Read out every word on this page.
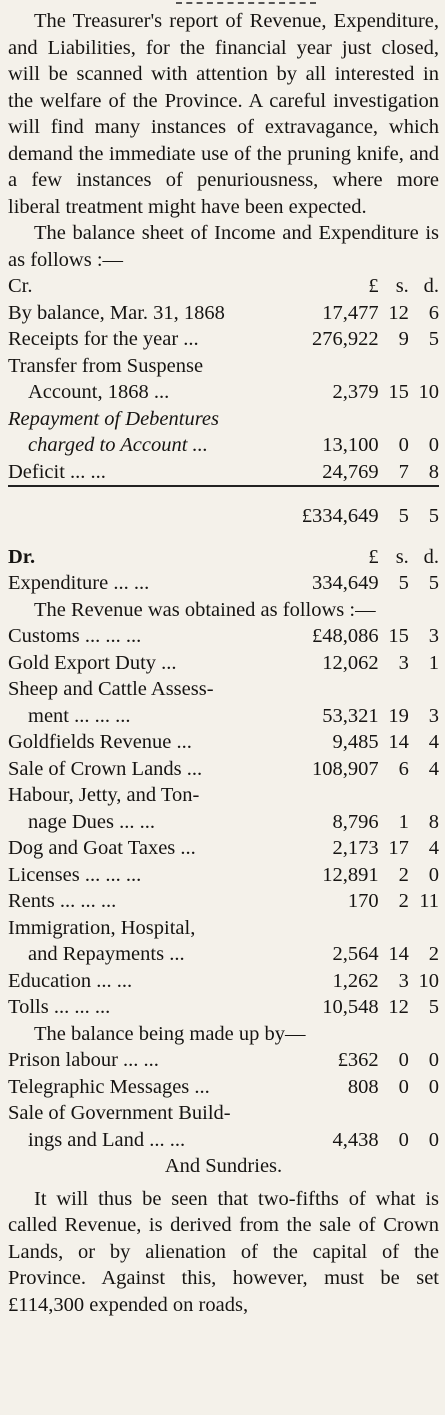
The Treasurer's report of Revenue, Expenditure, and Liabilities, for the financial year just closed, will be scanned with attention by all interested in the welfare of the Province. A careful investigation will find many instances of extravagance, which demand the immediate use of the pruning knife, and a few instances of penuriousness, where more liberal treatment might have been expected.

The balance sheet of Income and Expenditure is as follows :—

Cr.	£	s.	d.
By balance, Mar. 31, 1868	17,477	12	6
Receipts for the year ...	276,922	9	5
Transfer from Suspense			
Account, 1868 ...	2,379	15	10
Repayment of Debentures			
charged to Account ...	13,100	0	0
Deficit ... ...	24,769	7	8

	£334,649	5	5

Dr.	£	s.	d.
Expenditure ... ...	334,649	5	5

The Revenue was obtained as follows :—

Customs ... ... ...	£48,086	15	3
Gold Export Duty ...	12,062	3	1
Sheep and Cattle Assess-			
ment ... ... ...	53,321	19	3
Goldfields Revenue ...	9,485	14	4
Sale of Crown Lands ...	108,907	6	4
Habour, Jetty, and Ton-			
nage Dues ... ...	8,796	1	8
Dog and Goat Taxes ...	2,173	17	4
Licenses ... ... ...	12,891	2	0
Rents ... ... ...	170	2	11
Immigration, Hospital,			
and Repayments ...	2,564	14	2
Education ... ...	1,262	3	10
Tolls ... ... ...	10,548	12	5

The balance being made up by—

Prison labour ... ...	£362	0	0
Telegraphic Messages ...	808	0	0
Sale of Government Build-			
ings and Land ... ...	4,438	0	0

And Sundries.

It will thus be seen that two-fifths of what is called Revenue, is derived from the sale of Crown Lands, or by alienation of the capital of the Province. Against this, however, must be set £114,300 expended on roads,
